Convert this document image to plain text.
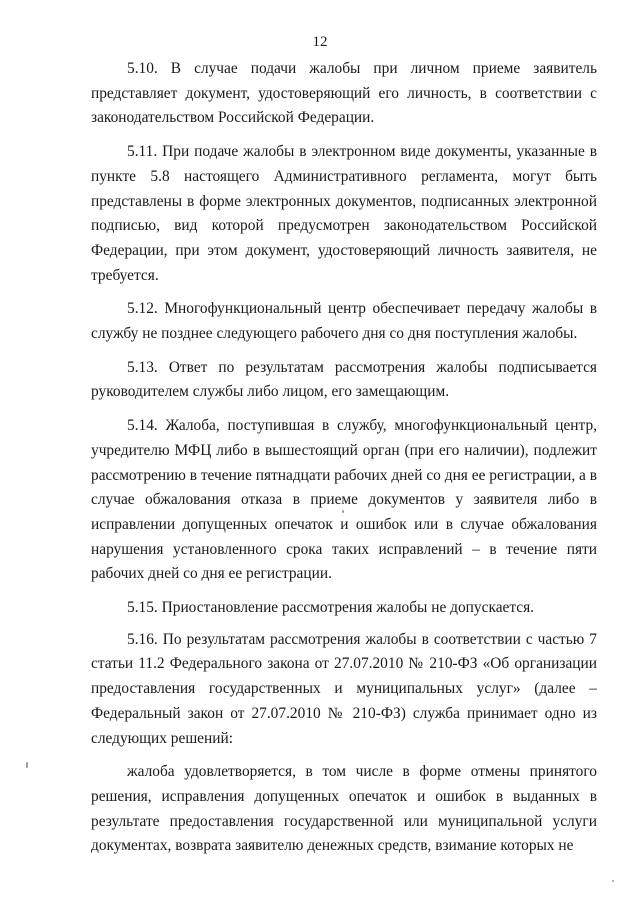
12

5.10. В случае подачи жалобы при личном приеме заявитель представляет документ, удостоверяющий его личность, в соответствии с законодательством Российской Федерации.

5.11. При подаче жалобы в электронном виде документы, указанные в пункте 5.8 настоящего Административного регламента, могут быть представлены в форме электронных документов, подписанных электронной подписью, вид которой предусмотрен законодательством Российской Федерации, при этом документ, удостоверяющий личность заявителя, не требуется.

5.12. Многофункциональный центр обеспечивает передачу жалобы в службу не позднее следующего рабочего дня со дня поступления жалобы.

5.13. Ответ по результатам рассмотрения жалобы подписывается руководителем службы либо лицом, его замещающим.

5.14. Жалоба, поступившая в службу, многофункциональный центр, учредителю МФЦ либо в вышестоящий орган (при его наличии), подлежит рассмотрению в течение пятнадцати рабочих дней со дня ее регистрации, а в случае обжалования отказа в приеме документов у заявителя либо в исправлении допущенных опечаток и ошибок или в случае обжалования нарушения установленного срока таких исправлений – в течение пяти рабочих дней со дня ее регистрации.

5.15. Приостановление рассмотрения жалобы не допускается.

5.16. По результатам рассмотрения жалобы в соответствии с частью 7 статьи 11.2 Федерального закона от 27.07.2010 № 210-ФЗ «Об организации предоставления государственных и муниципальных услуг» (далее – Федеральный закон от 27.07.2010 № 210-ФЗ) служба принимает одно из следующих решений:

жалоба удовлетворяется, в том числе в форме отмены принятого решения, исправления допущенных опечаток и ошибок в выданных в результате предоставления государственной или муниципальной услуги документах, возврата заявителю денежных средств, взимание которых не
